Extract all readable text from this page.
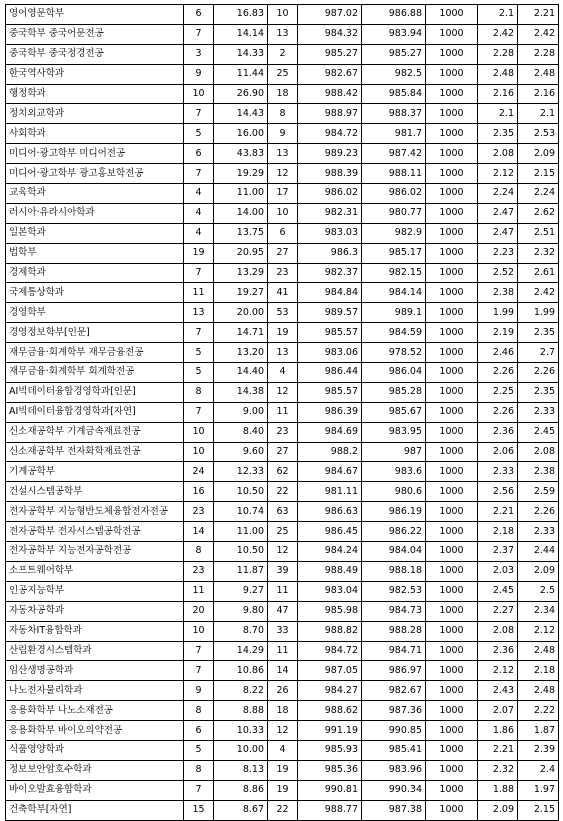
영어영문학부	6	16.83	10	987.02	986.88	1000	2.1	2.21
중국학부 중국어문전공	7	14.14	13	984.32	983.94	1000	2.42	2.42
중국학부 중국정경전공	3	14.33	2	985.27	985.27	1000	2.28	2.28
한국역사학과	9	11.44	25	982.67	982.5	1000	2.48	2.48
행정학과	10	26.90	18	988.42	985.84	1000	2.16	2.16
정치외교학과	7	14.43	8	988.97	988.37	1000	2.1	2.1
사회학과	5	16.00	9	984.72	981.7	1000	2.35	2.53
미디어·광고학부 미디어전공	6	43.83	13	989.23	987.42	1000	2.08	2.09
미디어·광고학부 광고홍보학전공	7	19.29	12	988.39	988.11	1000	2.12	2.15
교육학과	4	11.00	17	986.02	986.02	1000	2.24	2.24
러시아·유라시아학과	4	14.00	10	982.31	980.77	1000	2.47	2.62
일본학과	4	13.75	6	983.03	982.9	1000	2.47	2.51
법학부	19	20.95	27	986.3	985.17	1000	2.23	2.32
경제학과	7	13.29	23	982.37	982.15	1000	2.52	2.61
국제통상학과	11	19.27	41	984.84	984.14	1000	2.38	2.42
경영학부	13	20.00	53	989.57	989.1	1000	1.99	1.99
경영정보학부[인문]	7	14.71	19	985.57	984.59	1000	2.19	2.35
재무금융·회계학부 재무금융전공	5	13.20	13	983.06	978.52	1000	2.46	2.7
재무금융·회계학부 회계학전공	5	14.40	4	986.44	986.04	1000	2.26	2.26
AI빅데이터융합경영학과[인문]	8	14.38	12	985.57	985.28	1000	2.25	2.35
AI빅데이터융합경영학과[자연]	7	9.00	11	986.39	985.67	1000	2.26	2.33
신소재공학부 기계금속재료전공	10	8.40	23	984.69	983.95	1000	2.36	2.45
신소재공학부 전자화학재료전공	10	9.60	27	988.2	987	1000	2.06	2.08
기계공학부	24	12.33	62	984.67	983.6	1000	2.33	2.38
건설시스템공학부	16	10.50	22	981.11	980.6	1000	2.56	2.59
전자공학부 지능형반도체융합전자전공	23	10.74	63	986.63	986.19	1000	2.21	2.26
전자공학부 전자시스템공학전공	14	11.00	25	986.45	986.22	1000	2.18	2.33
전자공학부 지능전자공학전공	8	10.50	12	984.24	984.04	1000	2.37	2.44
소프트웨어학부	23	11.87	39	988.49	988.18	1000	2.03	2.09
인공지능학부	11	9.27	11	983.04	982.53	1000	2.45	2.5
자동차공학과	20	9.80	47	985.98	984.73	1000	2.27	2.34
자동차IT융합학과	10	8.70	33	988.82	988.28	1000	2.08	2.12
산림환경시스템학과	7	14.29	11	984.72	984.71	1000	2.36	2.48
임산생명공학과	7	10.86	14	987.05	986.97	1000	2.12	2.18
나노전자물리학과	9	8.22	26	984.27	982.67	1000	2.43	2.48
응용화학부 나노소재전공	8	8.88	18	988.62	987.36	1000	2.07	2.22
응용화학부 바이오의약전공	6	10.33	12	991.19	990.85	1000	1.86	1.87
식품영양학과	5	10.00	4	985.93	985.41	1000	2.21	2.39
정보보안암호수학과	8	8.13	19	985.36	983.96	1000	2.32	2.4
바이오발효융합학과	7	8.86	19	990.81	990.34	1000	1.88	1.97
건축학부[자연]	15	8.67	22	988.77	987.38	1000	2.09	2.15
